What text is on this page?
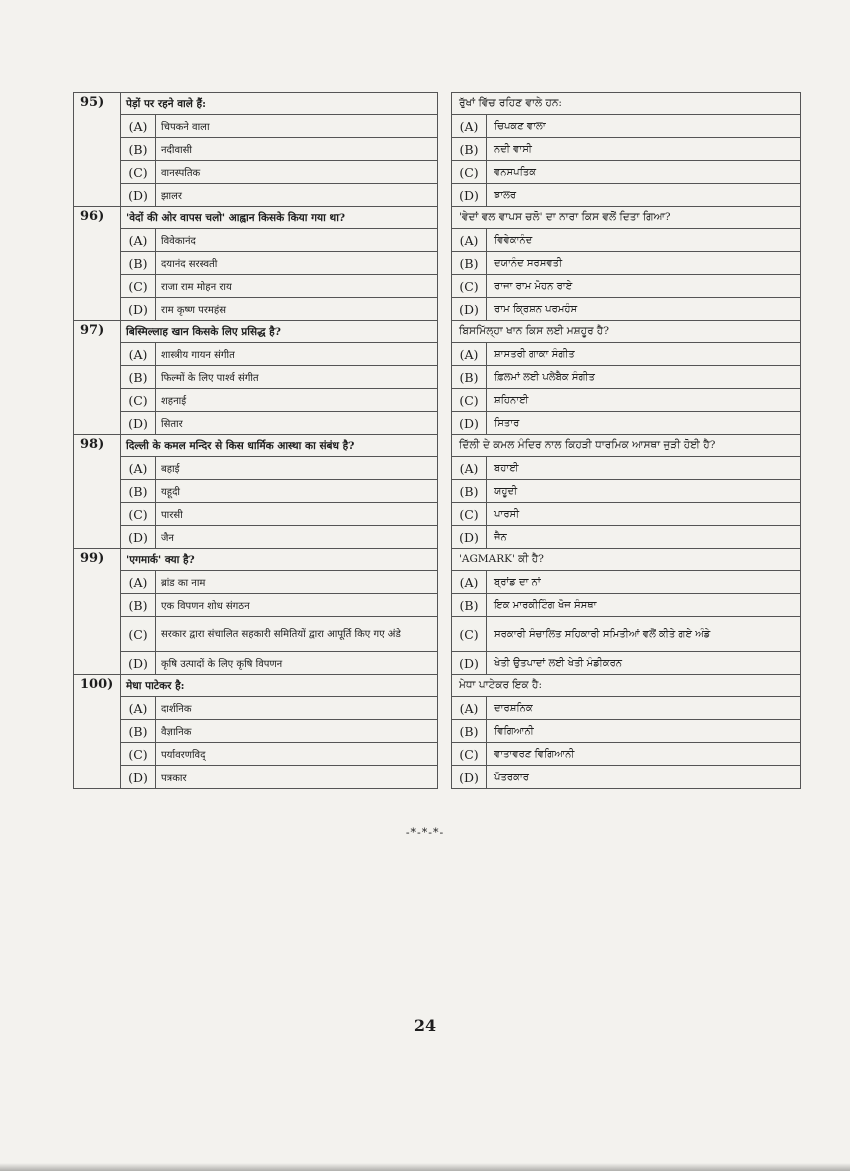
95)	पेड़ों पर रहने वाले हैं:			ਰੁੱਖਾਂ ਵਿੱਚ ਰਹਿਣ ਵਾਲੇ ਹਨ:	
	(A)	चिपकने वाला		(A)	ਚਿਪਕਣ ਵਾਲਾ
	(B)	नदीवासी		(B)	ਨਦੀ ਵਾਸੀ
	(C)	वानस्पतिक		(C)	ਵਨਸਪਤਿਕ
	(D)	झालर		(D)	ਝਾਲਰ
96)	'वेदों की ओर वापस चलो' आह्वान किसके किया गया था?			'ਵੇਦਾਂ ਵਲ ਵਾਪਸ ਚਲੋ' ਦਾ ਨਾਰਾ ਕਿਸ ਵਲੋਂ ਦਿਤਾ ਗਿਆ?	
	(A)	विवेकानंद		(A)	ਵਿਵੇਕਾਨੰਦ
	(B)	दयानंद सरस्वती		(B)	ਦਯਾਨੰਦ ਸਰਸਵਤੀ
	(C)	राजा राम मोहन राय		(C)	ਰਾਜਾ ਰਾਮ ਮੋਹਨ ਰਾਏ
	(D)	राम कृष्ण परमहंस		(D)	ਰਾਮ ਕ੍ਰਿਸ਼ਨ ਪਰਮਹੰਸ
97)	बिस्मिल्लाह खान किसके लिए प्रसिद्ध है?			ਬਿਸਮਿੱਲ੍ਹਾ ਖਾਨ ਕਿਸ ਲਈ ਮਸ਼ਹੂਰ ਹੈ?	
	(A)	शास्त्रीय गायन संगीत		(A)	ਸ਼ਾਸਤਰੀ ਗਾਕਾ ਸੰਗੀਤ
	(B)	फिल्मों के लिए पार्श्व संगीत		(B)	ਫ਼ਿਲਮਾਂ ਲਈ ਪਲੇਬੈਕ ਸੰਗੀਤ
	(C)	शहनाई		(C)	ਸ਼ਹਿਨਾਈ
	(D)	सितार		(D)	ਸਿਤਾਰ
98)	दिल्ली के कमल मन्दिर से किस धार्मिक आस्था का संबंध है?			ਦਿੱਲੀ ਦੇ ਕਮਲ ਮੰਦਿਰ ਨਾਲ ਕਿਹੜੀ ਧਾਰਮਿਕ ਆਸਥਾ ਜੁੜੀ ਹੋਈ ਹੈ?	
	(A)	बहाई		(A)	ਬਹਾਈ
	(B)	यहूदी		(B)	ਯਹੂਦੀ
	(C)	पारसी		(C)	ਪਾਰਸੀ
	(D)	जैन		(D)	ਜੈਨ
99)	'एगमार्क' क्या है?			'AGMARK' ਕੀ ਹੈ?	
	(A)	ब्रांड का नाम		(A)	ਬ੍ਰਾਂਡ ਦਾ ਨਾਂ
	(B)	एक विपणन शोध संगठन		(B)	ਇਕ ਮਾਰਕੀਟਿੰਗ ਖੋਜ ਸੰਸਥਾ
	(C)	सरकार द्वारा संचालित सहकारी समितियों द्वारा आपूर्ति किए गए अंडे		(C)	ਸਰਕਾਰੀ ਸੰਚਾਲਿਤ ਸਹਿਕਾਰੀ ਸਮਿਤੀਆਂ ਵਲੋਂ ਕੀਤੇ ਗਏ ਅੰਡੇ
	(D)	कृषि उत्पादों के लिए कृषि विपणन		(D)	ਖੇਤੀ ਉਤਪਾਦਾਂ ਲਈ ਖੇਤੀ ਮੰਡੀਕਰਨ
100)	मेधा पाटेकर है:			ਮੇਧਾ ਪਾਟੇਕਰ ਇਕ ਹੈ:	
	(A)	दार्शनिक		(A)	ਦਾਰਸ਼ਨਿਕ
	(B)	वैज्ञानिक		(B)	ਵਿਗਿਆਨੀ
	(C)	पर्यावरणविद्		(C)	ਵਾਤਾਵਰਣ ਵਿਗਿਆਨੀ
	(D)	पत्रकार		(D)	ਪੱਤਰਕਾਰ
-*-*-*-
24
